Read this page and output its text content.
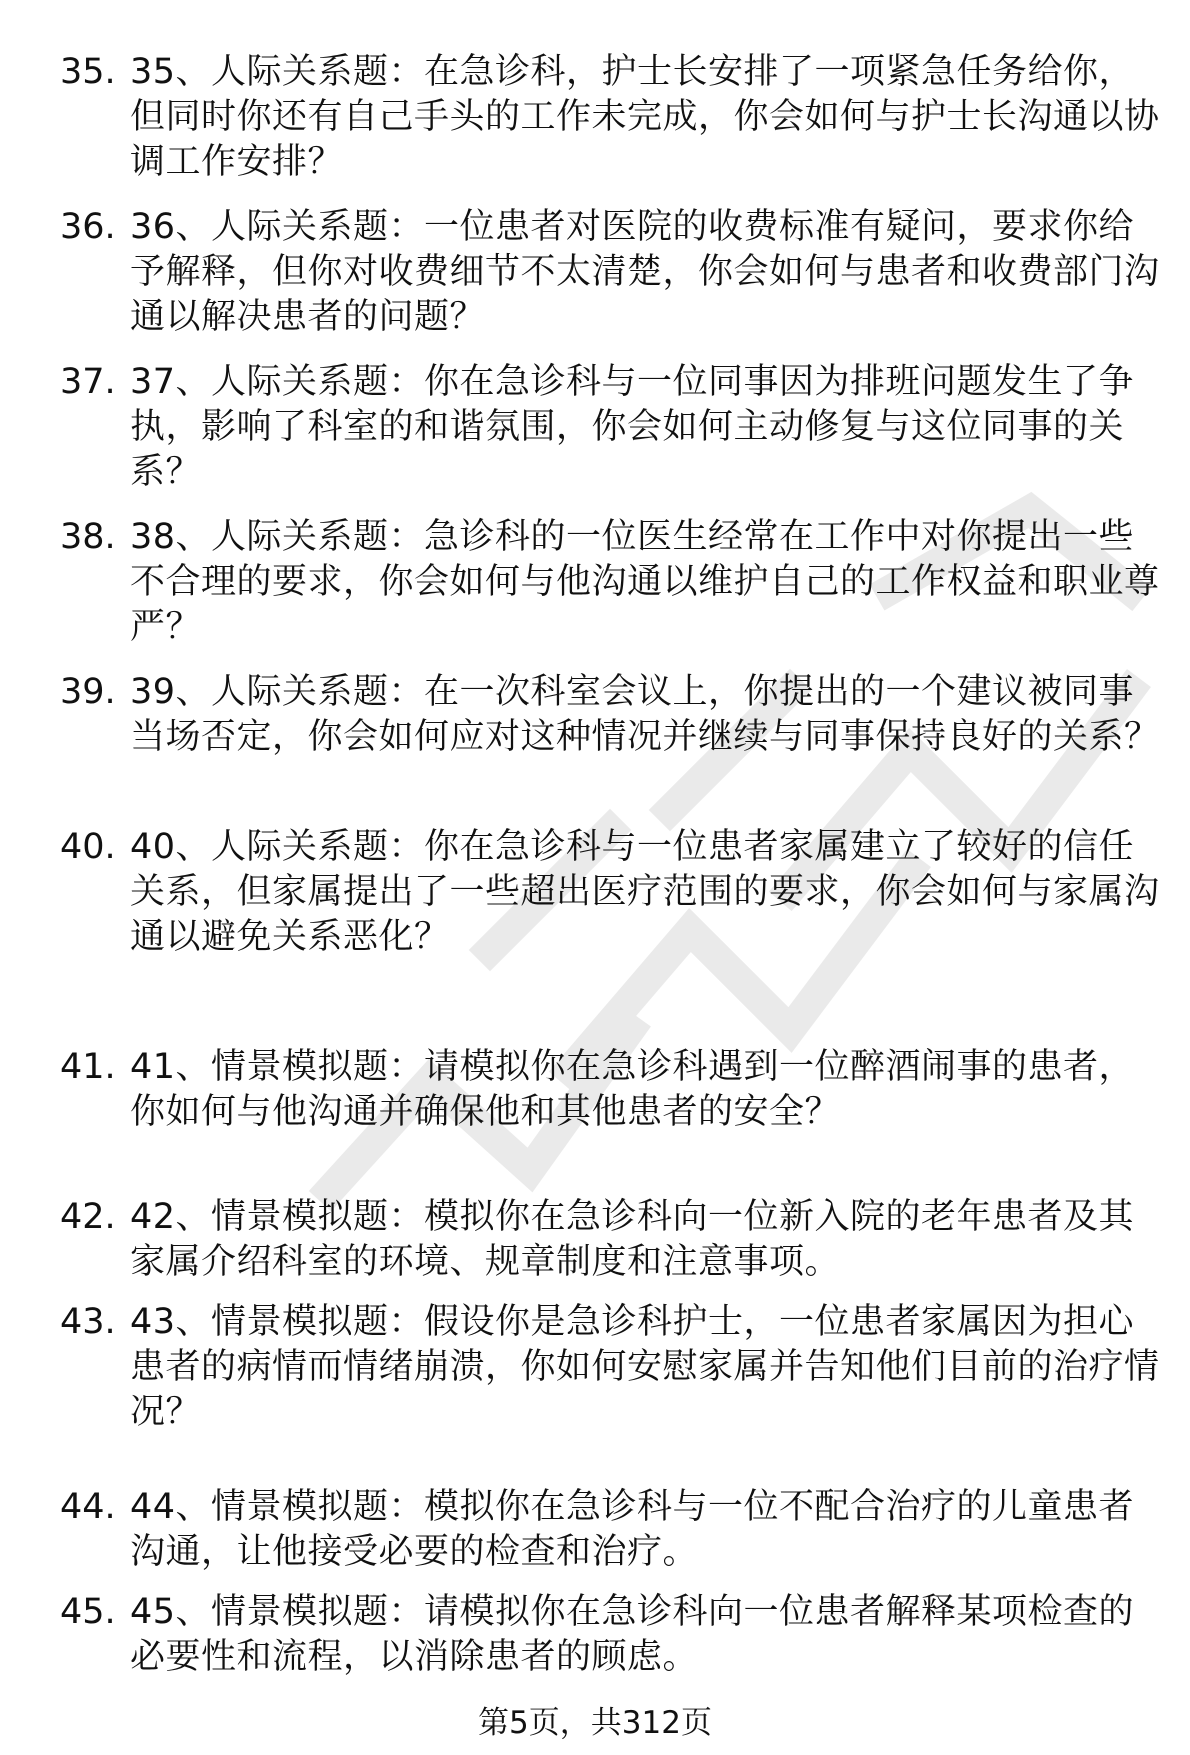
35. 35、人际关系题：在急诊科，护士长安排了一项紧急任务给你，但同时你还有自己手头的工作未完成，你会如何与护士长沟通以协调工作安排？
36. 36、人际关系题：一位患者对医院的收费标准有疑问，要求你给予解释，但你对收费细节不太清楚，你会如何与患者和收费部门沟通以解决患者的问题？
37. 37、人际关系题：你在急诊科与一位同事因为排班问题发生了争执，影响了科室的和谐氛围，你会如何主动修复与这位同事的关系？
38. 38、人际关系题：急诊科的一位医生经常在工作中对你提出一些不合理的要求，你会如何与他沟通以维护自己的工作权益和职业尊严？
39. 39、人际关系题：在一次科室会议上，你提出的一个建议被同事当场否定，你会如何应对这种情况并继续与同事保持良好的关系？
40. 40、人际关系题：你在急诊科与一位患者家属建立了较好的信任关系，但家属提出了一些超出医疗范围的要求，你会如何与家属沟通以避免关系恶化？
41. 41、情景模拟题：请模拟你在急诊科遇到一位醉酒闹事的患者，你如何与他沟通并确保他和其他患者的安全？
42. 42、情景模拟题：模拟你在急诊科向一位新入院的老年患者及其家属介绍科室的环境、规章制度和注意事项。
43. 43、情景模拟题：假设你是急诊科护士，一位患者家属因为担心患者的病情而情绪崩溃，你如何安慰家属并告知他们目前的治疗情况？
44. 44、情景模拟题：模拟你在急诊科与一位不配合治疗的儿童患者沟通，让他接受必要的检查和治疗。
45. 45、情景模拟题：请模拟你在急诊科向一位患者解释某项检查的必要性和流程，以消除患者的顾虑。
第5页，共312页
